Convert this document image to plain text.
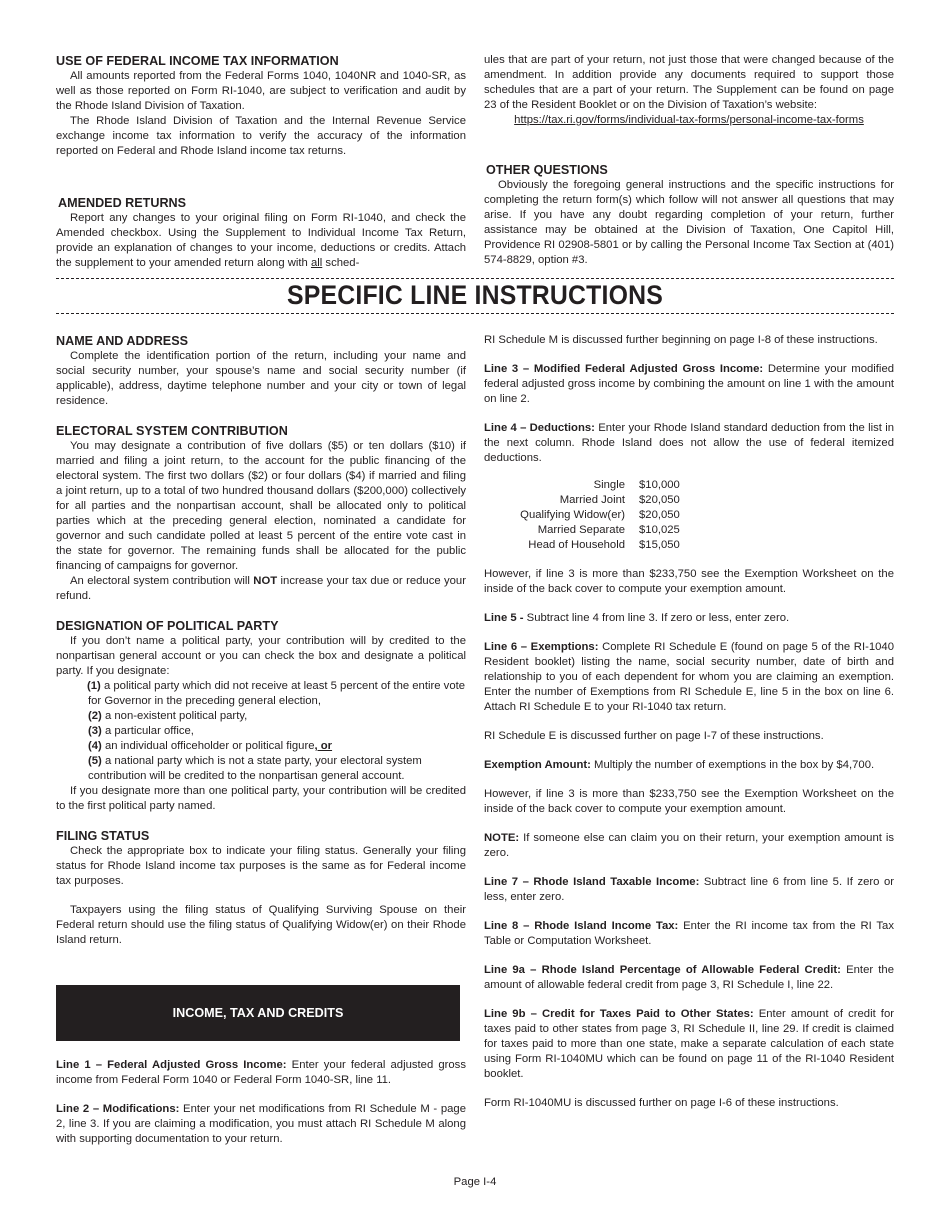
USE OF FEDERAL INCOME TAX INFORMATION

All amounts reported from the Federal Forms 1040, 1040NR and 1040-SR, as well as those reported on Form RI-1040, are subject to verification and audit by the Rhode Island Division of Taxation.

The Rhode Island Division of Taxation and the Internal Revenue Service exchange income tax information to verify the accuracy of the information reported on Federal and Rhode Island income tax returns.

AMENDED RETURNS

Report any changes to your original filing on Form RI-1040, and check the Amended checkbox. Using the Supplement to Individual Income Tax Return, provide an explanation of changes to your income, deductions or credits. Attach the supplement to your amended return along with all sched-

ules that are part of your return, not just those that were changed because of the amendment. In addition provide any documents required to support those schedules that are a part of your return. The Supplement can be found on page 23 of the Resident Booklet or on the Division of Taxation’s website:

https://tax.ri.gov/forms/individual-tax-forms/personal-income-tax-forms
OTHER QUESTIONS

Obviously the foregoing general instructions and the specific instructions for completing the return form(s) which follow will not answer all questions that may arise. If you have any doubt regarding completion of your return, further assistance may be obtained at the Division of Taxation, One Capitol Hill, Providence RI 02908-5801 or by calling the Personal Income Tax Section at (401) 574-8829, option #3.

SPECIFIC LINE INSTRUCTIONS
NAME AND ADDRESS

Complete the identification portion of the return, including your name and social security number, your spouse’s name and social security number (if applicable), address, daytime telephone number and your city or town of legal residence.

ELECTORAL SYSTEM CONTRIBUTION

You may designate a contribution of five dollars ($5) or ten dollars ($10) if married and filing a joint return, to the account for the public financing of the electoral system. The first two dollars ($2) or four dollars ($4) if married and filing a joint return, up to a total of two hundred thousand dollars ($200,000) collectively for all parties and the nonpartisan account, shall be allocated only to political parties which at the preceding general election, nominated a candidate for governor and such candidate polled at least 5 percent of the entire vote cast in the state for governor. The remaining funds shall be allocated for the public financing of campaigns for governor.

An electoral system contribution will NOT increase your tax due or reduce your refund.

DESIGNATION OF POLITICAL PARTY

If you don’t name a political party, your contribution will by credited to the nonpartisan general account or you can check the box and designate a political party. If you designate:

(1) a political party which did not receive at least 5 percent of the entire vote for Governor in the preceding general election,
(2) a non-existent political party,
(3) a particular office,
(4) an individual officeholder or political figure, or
(5) a national party which is not a state party, your electoral system contribution will be credited to the nonpartisan general account.

If you designate more than one political party, your contribution will be credited to the first political party named.

FILING STATUS

Check the appropriate box to indicate your filing status. Generally your filing status for Rhode Island income tax purposes is the same as for Federal income tax purposes.

Taxpayers using the filing status of Qualifying Surviving Spouse on their Federal return should use the filing status of Qualifying Widow(er) on their Rhode Island return.

INCOME, TAX AND CREDITS

Line 1 – Federal Adjusted Gross Income: Enter your federal adjusted gross income from Federal Form 1040 or Federal Form 1040-SR, line 11.

Line 2 – Modifications: Enter your net modifications from RI Schedule M - page 2, line 3. If you are claiming a modification, you must attach RI Schedule M along with supporting documentation to your return.

RI Schedule M is discussed further beginning on page I-8 of these instructions.

Line 3 – Modified Federal Adjusted Gross Income: Determine your modified federal adjusted gross income by combining the amount on line 1 with the amount on line 2.

Line 4 – Deductions: Enter your Rhode Island standard deduction from the list in the next column. Rhode Island does not allow the use of federal itemized deductions.

Single	$10,000
Married Joint	$20,050
Qualifying Widow(er)	$20,050
Married Separate	$10,025
Head of Household	$15,050

However, if line 3 is more than $233,750 see the Exemption Worksheet on the inside of the back cover to compute your exemption amount.

Line 5 - Subtract line 4 from line 3. If zero or less, enter zero.

Line 6 – Exemptions: Complete RI Schedule E (found on page 5 of the RI-1040 Resident booklet) listing the name, social security number, date of birth and relationship to you of each dependent for whom you are claiming an exemption. Enter the number of Exemptions from RI Schedule E, line 5 in the box on line 6. Attach RI Schedule E to your RI-1040 tax return.

RI Schedule E is discussed further on page I-7 of these instructions.

Exemption Amount: Multiply the number of exemptions in the box by $4,700.

However, if line 3 is more than $233,750 see the Exemption Worksheet on the inside of the back cover to compute your exemption amount.

NOTE: If someone else can claim you on their return, your exemption amount is zero.

Line 7 – Rhode Island Taxable Income: Subtract line 6 from line 5. If zero or less, enter zero.

Line 8 – Rhode Island Income Tax: Enter the RI income tax from the RI Tax Table or Computation Worksheet.

Line 9a – Rhode Island Percentage of Allowable Federal Credit: Enter the amount of allowable federal credit from page 3, RI Schedule I, line 22.

Line 9b – Credit for Taxes Paid to Other States: Enter amount of credit for taxes paid to other states from page 3, RI Schedule II, line 29. If credit is claimed for taxes paid to more than one state, make a separate calculation of each state using Form RI-1040MU which can be found on page 11 of the RI-1040 Resident booklet.

Form RI-1040MU is discussed further on page I-6 of these instructions.

Page I-4
